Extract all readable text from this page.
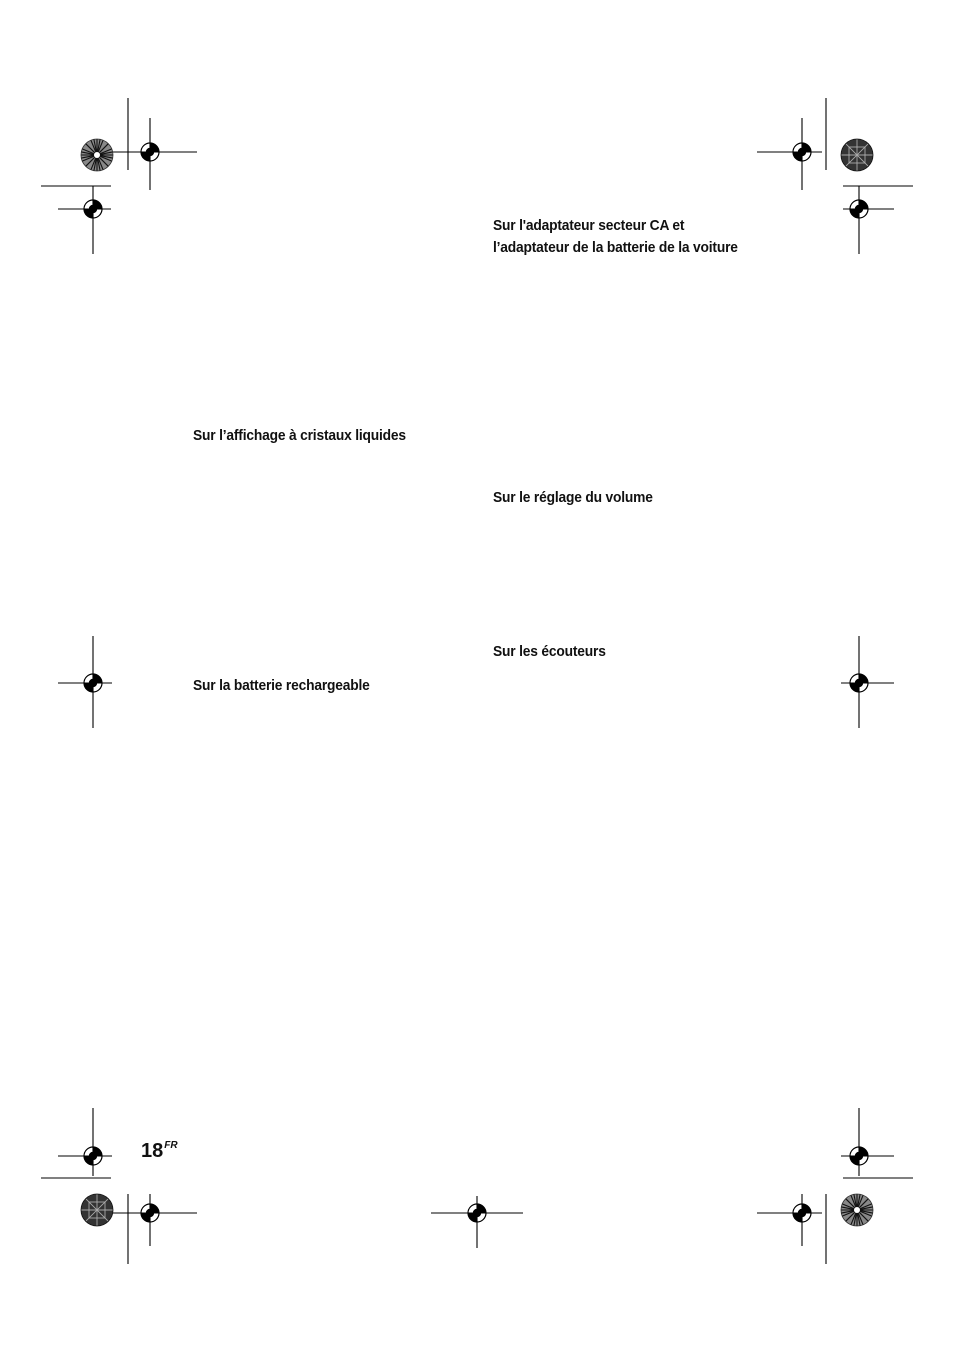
Sur l'adaptateur secteur CA et
l’adaptateur de la batterie de la voiture
Sur l’affichage à cristaux liquides
Sur le réglage du volume
Sur les écouteurs
Sur la batterie rechargeable
$18^{FR}$
